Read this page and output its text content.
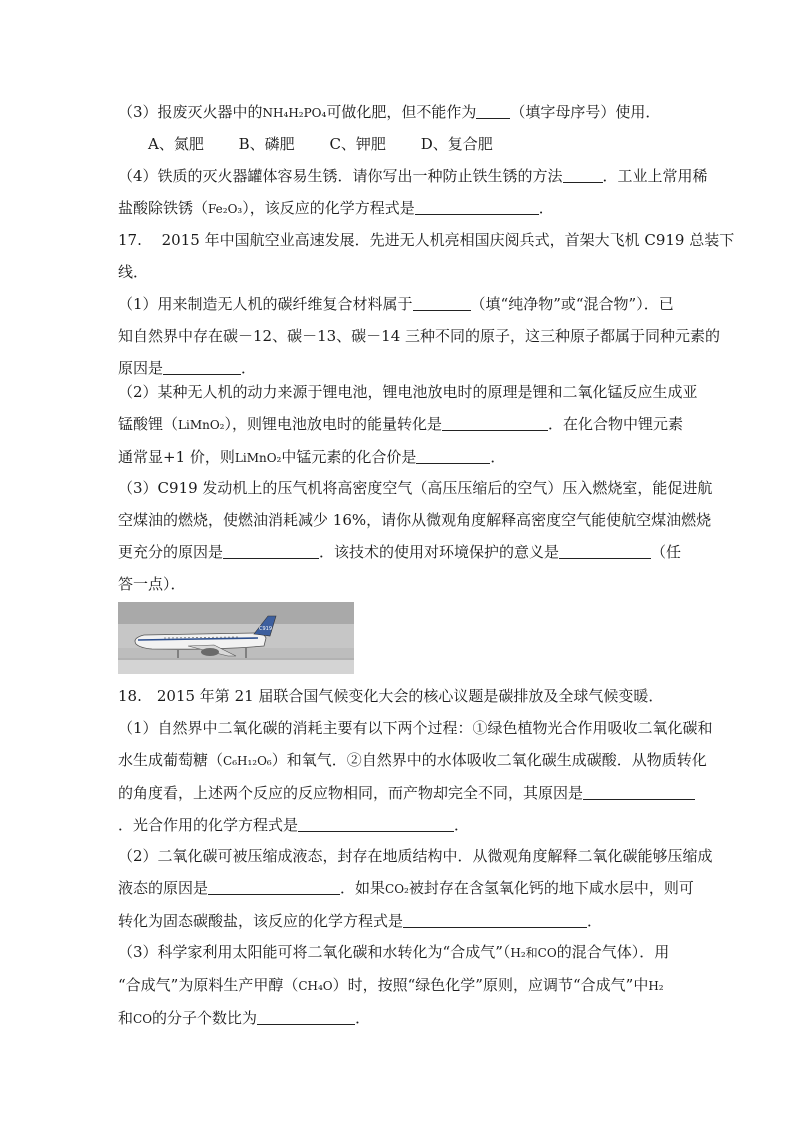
（3）报废灭火器中的NH₄H₂PO₄可做化肥，但不能作为 （填字母序号）使用．

A、氮肥 B、磷肥 C、钾肥 D、复合肥

（4）铁质的灭火器罐体容易生锈．请你写出一种防止铁生锈的方法	．工业上常用稀
盐酸除铁锈（Fe₂O₃），该反应的化学方程式是	．

17.　 2015 年中国航空业高速发展．先进无人机亮相国庆阅兵式，首架大飞机 C919 总装下
线．

（1）用来制造无人机的碳纤维复合材料属于	（填“纯净物”或“混合物”）．已
知自然界中存在碳－12、碳－13、碳－14 三种不同的原子，这三种原子都属于同种元素的
原因是	．

（2）某种无人机的动力来源于锂电池，锂电池放电时的原理是锂和二氧化锰反应生成亚
锰酸锂（LiMnO₂），则锂电池放电时的能量转化是	．在化合物中锂元素
通常显+1 价，则LiMnO₂中锰元素的化合价是	．

（3）C919 发动机上的压气机将高密度空气（高压压缩后的空气）压入燃烧室，能促进航
空煤油的燃烧，使燃油消耗减少 16%，请你从微观角度解释高密度空气能使航空煤油燃烧
更充分的原因是	．该技术的使用对环境保护的意义是	（任
答一点）．

C919

18.　2015 年第 21 届联合国气候变化大会的核心议题是碳排放及全球气候变暖．

（1）自然界中二氧化碳的消耗主要有以下两个过程：①绿色植物光合作用吸收二氧化碳和
水生成葡萄糖（C₆H₁₂O₆）和氧气．②自然界中的水体吸收二氧化碳生成碳酸．从物质转化
的角度看，上述两个反应的反应物相同，而产物却完全不同，其原因是
．光合作用的化学方程式是	．

（2）二氧化碳可被压缩成液态，封存在地质结构中．从微观角度解释二氧化碳能够压缩成
液态的原因是	．如果CO₂被封存在含氢氧化钙的地下咸水层中，则可
转化为固态碳酸盐，该反应的化学方程式是	．

（3）科学家利用太阳能可将二氧化碳和水转化为“合成气”（H₂和CO的混合气体）．用
“合成气”为原料生产甲醇（CH₄O）时，按照“绿色化学”原则，应调节“合成气”中H₂
和CO的分子个数比为	．
